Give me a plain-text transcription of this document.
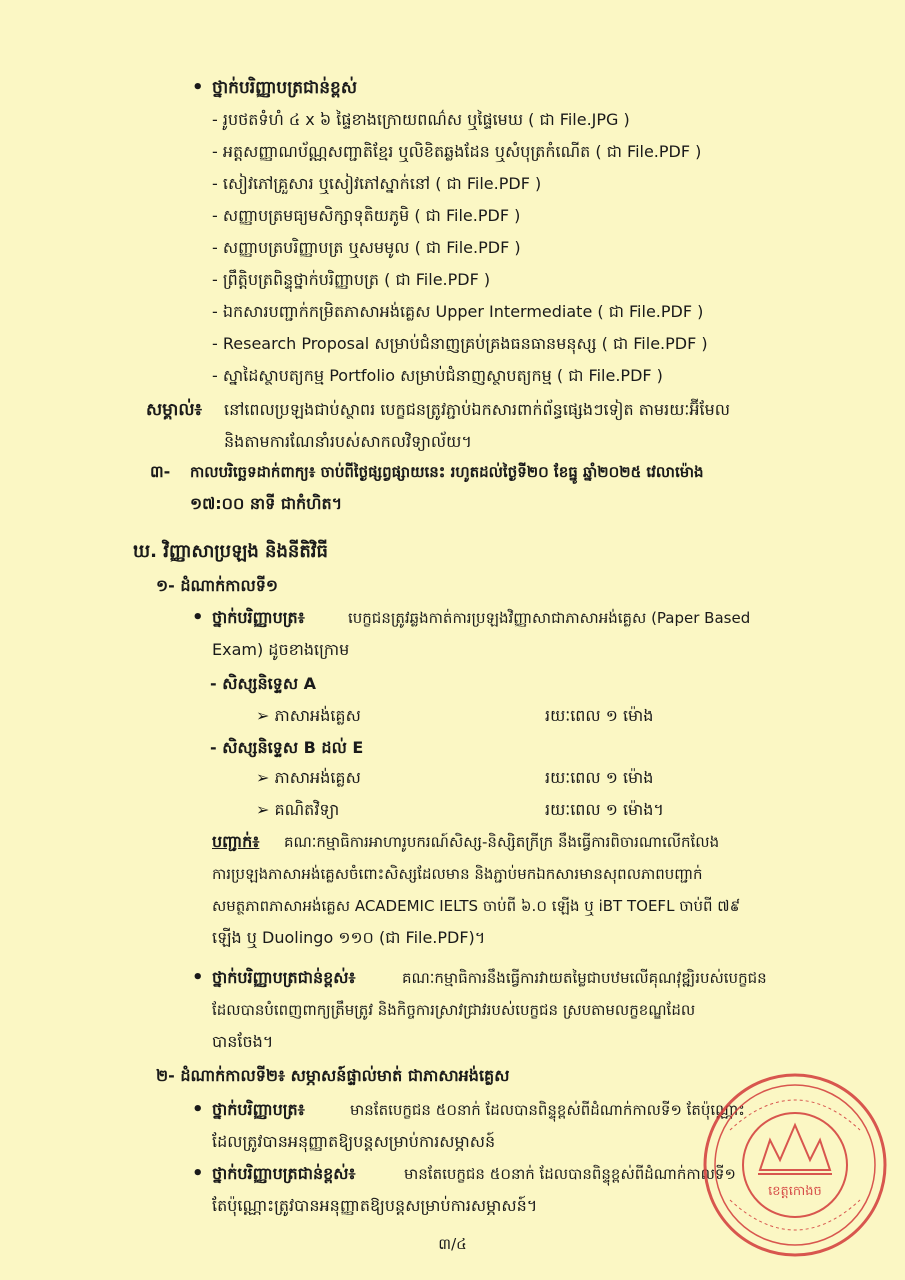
• ថ្នាក់បរិញ្ញាបត្រជាន់ខ្ពស់
- រូបថតទំហំ ៤ x ៦ ផ្ទៃខាងក្រោយពណ៌ស ឬផ្ទៃមេឃ ( ជា File.JPG )
- អត្តសញ្ញាណប័ណ្ណសញ្ជាតិខ្មែរ ឬលិខិតឆ្លងដែន ឬសំបុត្រកំណើត ( ជា File.PDF )
- សៀវភៅគ្រួសារ ឬសៀវភៅស្នាក់នៅ ( ជា File.PDF )
- សញ្ញាបត្រមធ្យមសិក្សាទុតិយភូមិ ( ជា File.PDF )
- សញ្ញាបត្របរិញ្ញាបត្រ ឬសមមូល ( ជា File.PDF )
- ព្រឹត្តិបត្រពិន្ទុថ្នាក់បរិញ្ញាបត្រ ( ជា File.PDF )
- ឯកសារបញ្ជាក់កម្រិតភាសាអង់គ្លេស Upper Intermediate ( ជា File.PDF )
- Research Proposal សម្រាប់ជំនាញគ្រប់គ្រងធនធានមនុស្ស ( ជា File.PDF )
- ស្នាដៃស្ថាបត្យកម្ម Portfolio សម្រាប់ជំនាញស្ថាបត្យកម្ម ( ជា File.PDF )
សម្គាល់៖ នៅពេលប្រឡងជាប់ស្ថាពរ បេក្ខជនត្រូវភ្ជាប់ឯកសារពាក់ព័ន្ធផ្សេងៗទៀត តាមរយៈអ៊ីមែល
និងតាមការណែនាំរបស់សាកលវិទ្យាល័យ។
៣- កាលបរិច្ឆេទដាក់ពាក្យ៖ ចាប់ពីថ្ងៃផ្សព្វផ្សាយនេះ រហូតដល់ថ្ងៃទី២០ ខែធ្នូ ឆ្នាំ២០២៥ វេលាម៉ោង
១៧:០០ នាទី ជាកំហិត។
ឃ. វិញ្ញាសាប្រឡង និងនីតិវិធី
១- ដំណាក់កាលទី១
• ថ្នាក់បរិញ្ញាបត្រ៖	បេក្ខជនត្រូវឆ្លងកាត់ការប្រឡងវិញ្ញាសាជាភាសាអង់គ្លេស (Paper Based
Exam) ដូចខាងក្រោម
- សិស្សនិទ្ទេស A
➢ ភាសាអង់គ្លេស	រយៈពេល ១ ម៉ោង
- សិស្សនិទ្ទេស B ដល់ E
➢ ភាសាអង់គ្លេស	រយៈពេល ១ ម៉ោង
➢ គណិតវិទ្យា	រយៈពេល ១ ម៉ោង។
បញ្ជាក់៖ គណៈកម្មាធិការអាហារូបករណ៍សិស្ស-និស្សិតក្រីក្រ នឹងធ្វើការពិចារណាលើកលែង
ការប្រឡងភាសាអង់គ្លេសចំពោះសិស្សដែលមាន និងភ្ជាប់មកឯកសារមានសុពលភាពបញ្ជាក់
សមត្ថភាពភាសាអង់គ្លេស ACADEMIC IELTS ចាប់ពី ៦.០ ឡើង ឬ iBT TOEFL ចាប់ពី ៧៩
ឡើង ឬ Duolingo ១១០ (ជា File.PDF)។
• ថ្នាក់បរិញ្ញាបត្រជាន់ខ្ពស់៖	គណៈកម្មាធិការនឹងធ្វើការវាយតម្លៃជាបឋមលើគុណវុឌ្ឍិរបស់បេក្ខជន
ដែលបានបំពេញពាក្យត្រឹមត្រូវ និងកិច្ចការស្រាវជ្រាវរបស់បេក្ខជន ស្របតាមលក្ខខណ្ឌដែល
បានចែង។
២- ដំណាក់កាលទី២៖ សម្ភាសន៍ផ្ទាល់មាត់ ជាភាសាអង់គ្លេស
• ថ្នាក់បរិញ្ញាបត្រ៖	មានតែបេក្ខជន ៥០នាក់ ដែលបានពិន្ទុខ្ពស់ពីដំណាក់កាលទី១ តែប៉ុណ្ណោះ
ដែលត្រូវបានអនុញ្ញាតឱ្យបន្តសម្រាប់ការសម្ភាសន៍
• ថ្នាក់បរិញ្ញាបត្រជាន់ខ្ពស់៖	មានតែបេក្ខជន ៥០នាក់ ដែលបានពិន្ទុខ្ពស់ពីដំណាក់កាលទី១
តែប៉ុណ្ណោះត្រូវបានអនុញ្ញាតឱ្យបន្តសម្រាប់ការសម្ភាសន៍។
ខេត្តកោងច
៣/៤
